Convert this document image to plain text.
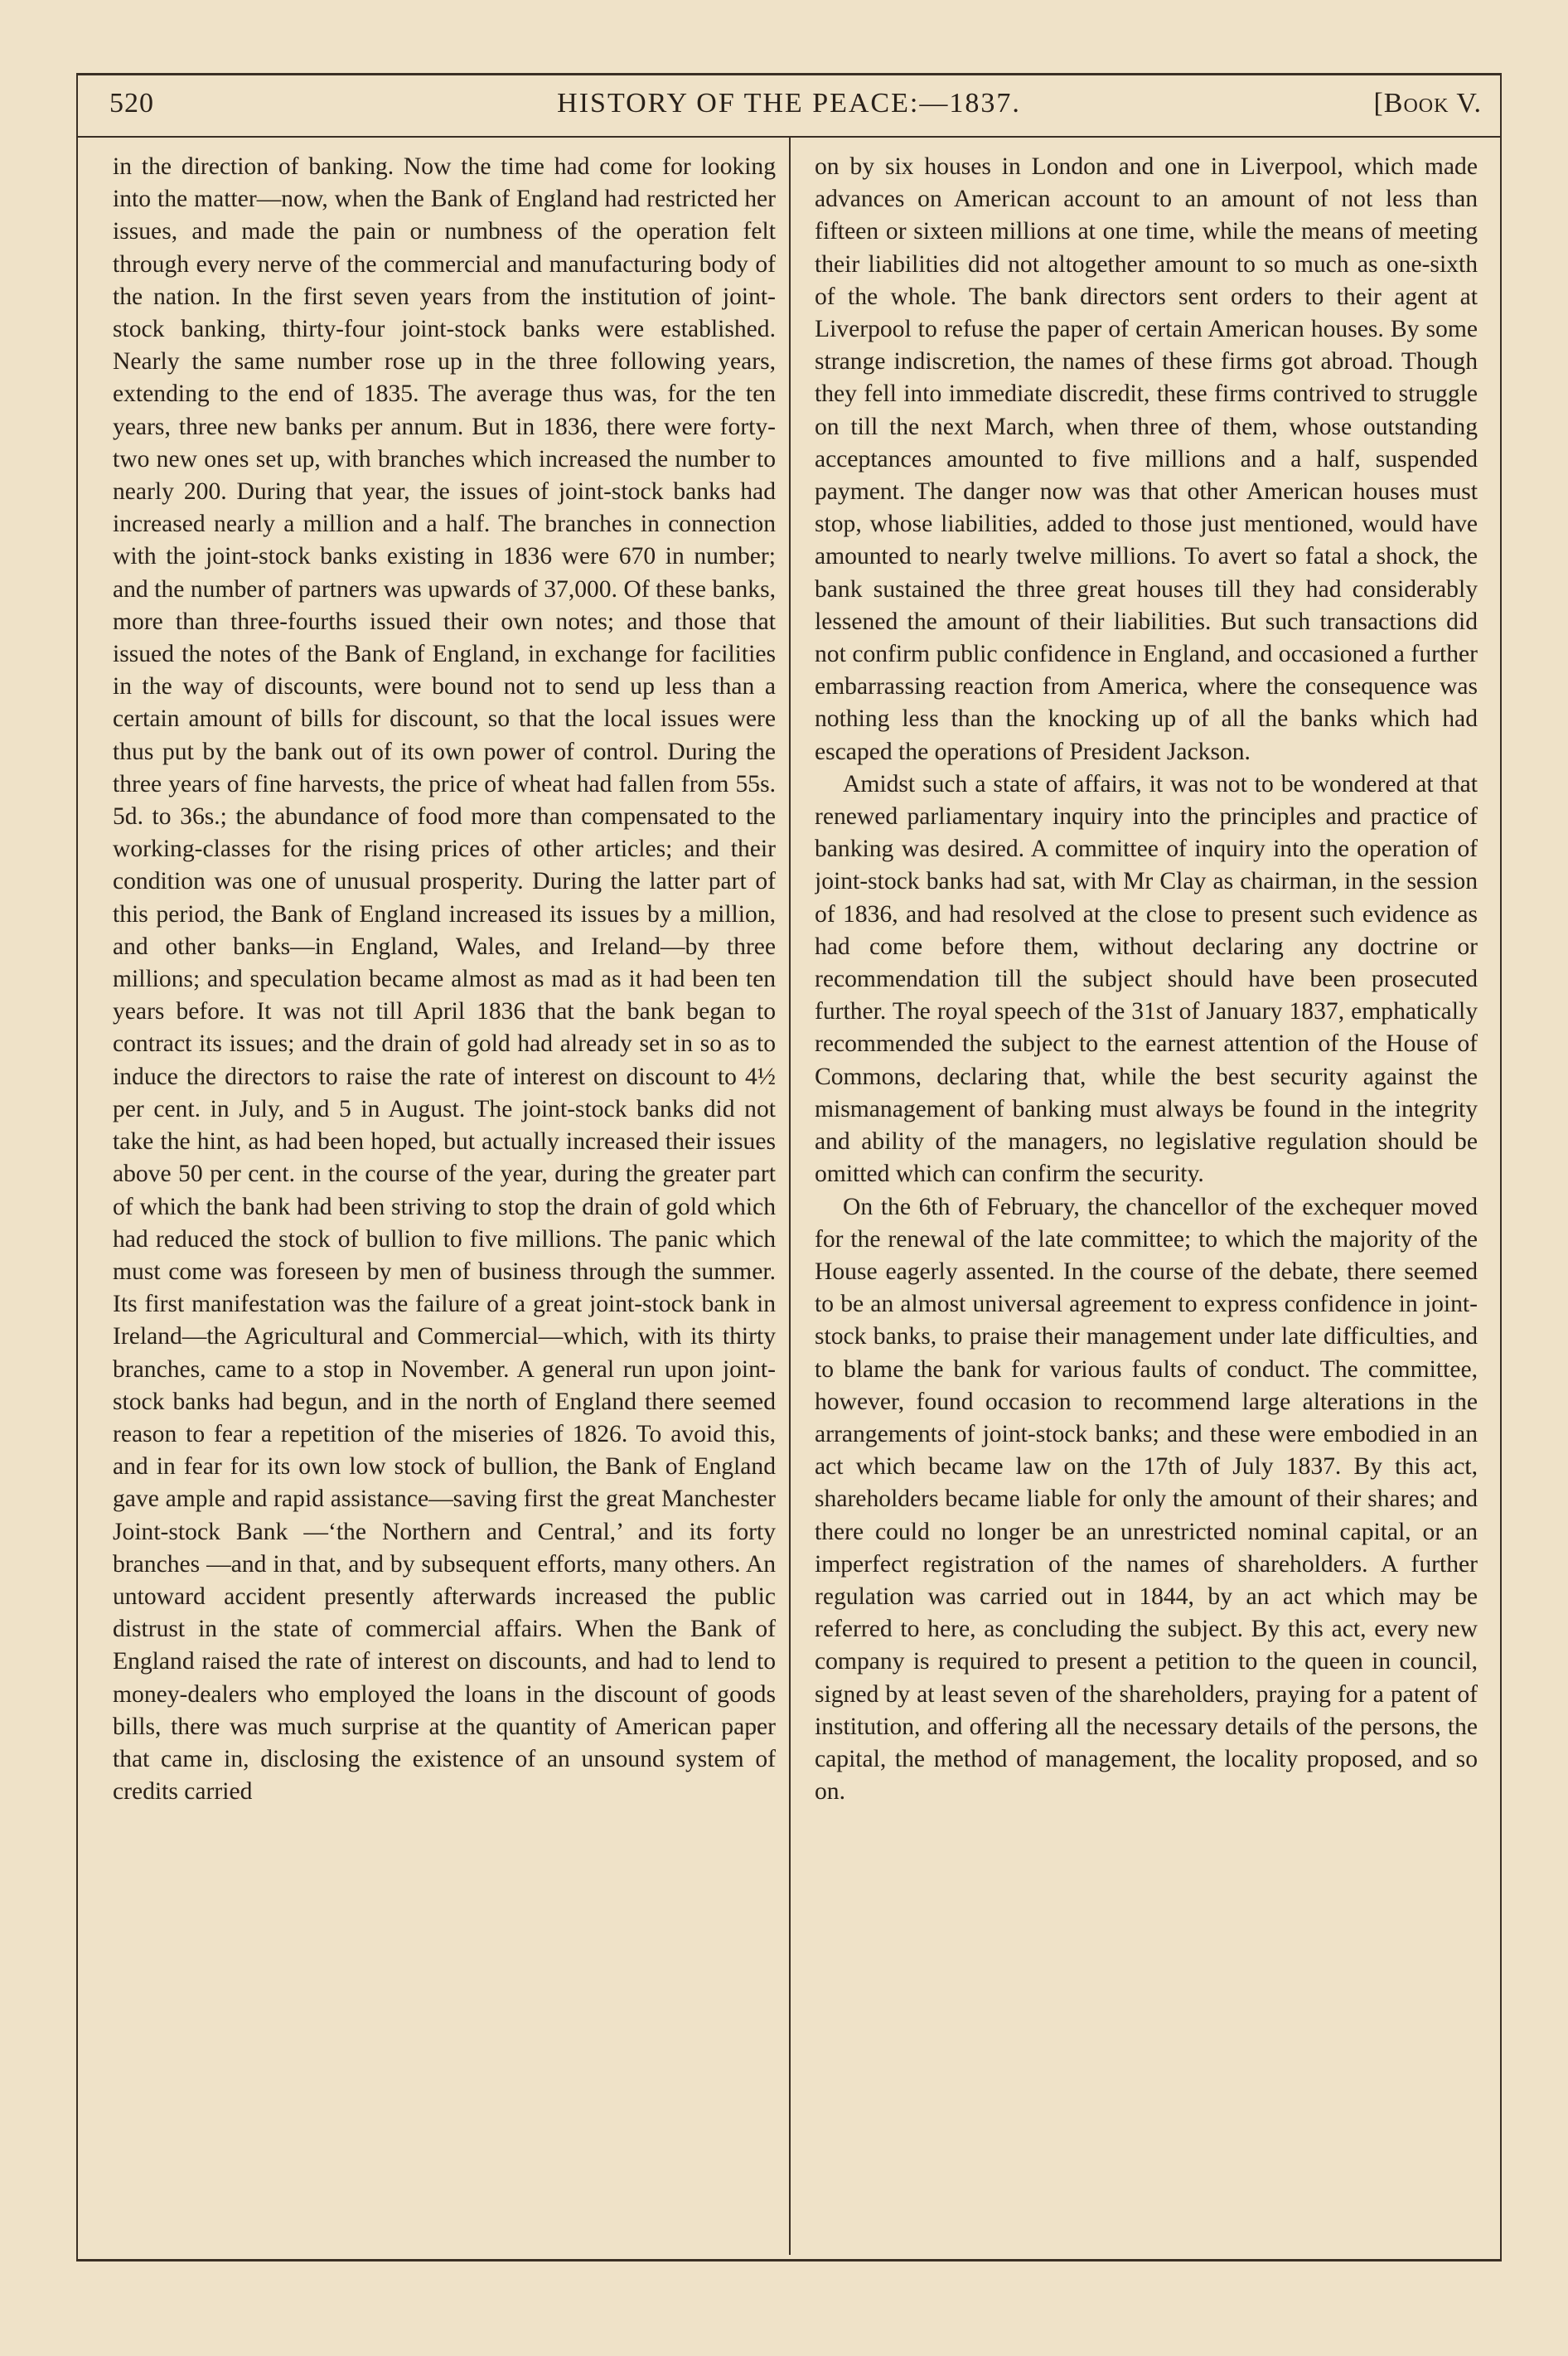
520	HISTORY OF THE PEACE:—1837.	[Book V.

in the direction of banking. Now the time had come for looking into the matter—now, when the Bank of England had restricted her issues, and made the pain or numbness of the operation felt through every nerve of the commercial and manufacturing body of the nation. In the first seven years from the institution of joint-stock banking, thirty-four joint-stock banks were established. Nearly the same number rose up in the three following years, extending to the end of 1835. The average thus was, for the ten years, three new banks per annum. But in 1836, there were forty-two new ones set up, with branches which increased the number to nearly 200. During that year, the issues of joint-stock banks had increased nearly a million and a half. The branches in connection with the joint-stock banks existing in 1836 were 670 in number; and the number of partners was upwards of 37,000. Of these banks, more than three-fourths issued their own notes; and those that issued the notes of the Bank of England, in exchange for facilities in the way of discounts, were bound not to send up less than a certain amount of bills for discount, so that the local issues were thus put by the bank out of its own power of control. During the three years of fine harvests, the price of wheat had fallen from 55s. 5d. to 36s.; the abundance of food more than compensated to the working-classes for the rising prices of other articles; and their condition was one of unusual prosperity. During the latter part of this period, the Bank of England increased its issues by a million, and other banks—in England, Wales, and Ireland—by three millions; and speculation became almost as mad as it had been ten years before. It was not till April 1836 that the bank began to contract its issues; and the drain of gold had already set in so as to induce the directors to raise the rate of interest on discount to 4½ per cent. in July, and 5 in August. The joint-stock banks did not take the hint, as had been hoped, but actually increased their issues above 50 per cent. in the course of the year, during the greater part of which the bank had been striving to stop the drain of gold which had reduced the stock of bullion to five millions. The panic which must come was foreseen by men of business through the summer. Its first manifestation was the failure of a great joint-stock bank in Ireland—the Agricultural and Commercial—which, with its thirty branches, came to a stop in November. A general run upon joint-stock banks had begun, and in the north of England there seemed reason to fear a repetition of the miseries of 1826. To avoid this, and in fear for its own low stock of bullion, the Bank of England gave ample and rapid assistance—saving first the great Manchester Joint-stock Bank —‘the Northern and Central,’ and its forty branches —and in that, and by subsequent efforts, many others. An untoward accident presently afterwards increased the public distrust in the state of commercial affairs. When the Bank of England raised the rate of interest on discounts, and had to lend to money-dealers who employed the loans in the discount of goods bills, there was much surprise at the quantity of American paper that came in, disclosing the existence of an unsound system of credits carried

on by six houses in London and one in Liverpool, which made advances on American account to an amount of not less than fifteen or sixteen millions at one time, while the means of meeting their liabilities did not altogether amount to so much as one-sixth of the whole. The bank directors sent orders to their agent at Liverpool to refuse the paper of certain American houses. By some strange indiscretion, the names of these firms got abroad. Though they fell into immediate discredit, these firms contrived to struggle on till the next March, when three of them, whose outstanding acceptances amounted to five millions and a half, suspended payment. The danger now was that other American houses must stop, whose liabilities, added to those just mentioned, would have amounted to nearly twelve millions. To avert so fatal a shock, the bank sustained the three great houses till they had considerably lessened the amount of their liabilities. But such transactions did not confirm public confidence in England, and occasioned a further embarrassing reaction from America, where the consequence was nothing less than the knocking up of all the banks which had escaped the operations of President Jackson.

Amidst such a state of affairs, it was not to be wondered at that renewed parliamentary inquiry into the principles and practice of banking was desired. A committee of inquiry into the operation of joint-stock banks had sat, with Mr Clay as chairman, in the session of 1836, and had resolved at the close to present such evidence as had come before them, without declaring any doctrine or recommendation till the subject should have been prosecuted further. The royal speech of the 31st of January 1837, emphatically recommended the subject to the earnest attention of the House of Commons, declaring that, while the best security against the mismanagement of banking must always be found in the integrity and ability of the managers, no legislative regulation should be omitted which can confirm the security.

On the 6th of February, the chancellor of the exchequer moved for the renewal of the late committee; to which the majority of the House eagerly assented. In the course of the debate, there seemed to be an almost universal agreement to express confidence in joint-stock banks, to praise their management under late difficulties, and to blame the bank for various faults of conduct. The committee, however, found occasion to recommend large alterations in the arrangements of joint-stock banks; and these were embodied in an act which became law on the 17th of July 1837. By this act, shareholders became liable for only the amount of their shares; and there could no longer be an unrestricted nominal capital, or an imperfect registration of the names of shareholders. A further regulation was carried out in 1844, by an act which may be referred to here, as concluding the subject. By this act, every new company is required to present a petition to the queen in council, signed by at least seven of the shareholders, praying for a patent of institution, and offering all the necessary details of the persons, the capital, the method of management, the locality proposed, and so on.
